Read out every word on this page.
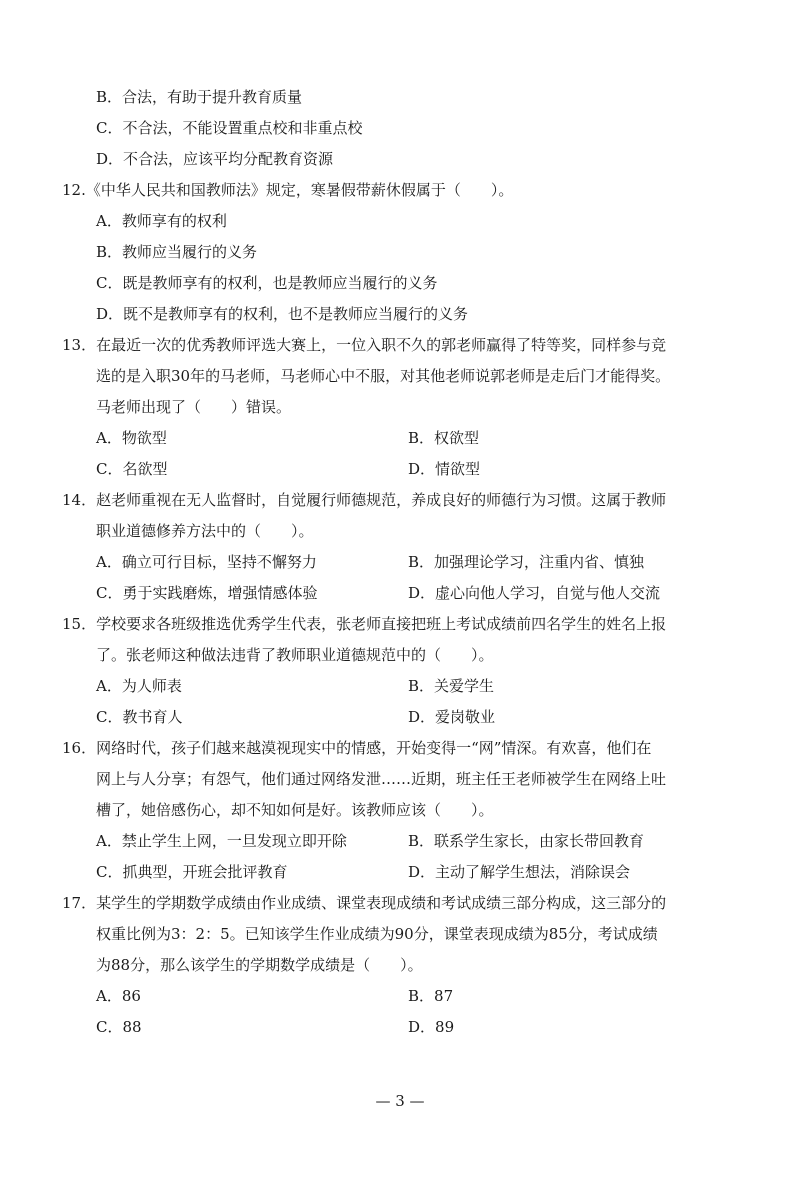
B．合法，有助于提升教育质量
C．不合法，不能设置重点校和非重点校
D．不合法，应该平均分配教育资源
12.《中华人民共和国教师法》规定，寒暑假带薪休假属于（　　）。
A．教师享有的权利
B．教师应当履行的义务
C．既是教师享有的权利，也是教师应当履行的义务
D．既不是教师享有的权利，也不是教师应当履行的义务
13．在最近一次的优秀教师评选大赛上，一位入职不久的郭老师赢得了特等奖，同样参与竞
选的是入职30年的马老师，马老师心中不服，对其他老师说郭老师是走后门才能得奖。
马老师出现了（　　）错误。
A．物欲型	B．权欲型
C．名欲型	D．情欲型
14．赵老师重视在无人监督时，自觉履行师德规范，养成良好的师德行为习惯。这属于教师
职业道德修养方法中的（　　）。
A．确立可行目标，坚持不懈努力	B．加强理论学习，注重内省、慎独
C．勇于实践磨炼，增强情感体验	D．虚心向他人学习，自觉与他人交流
15．学校要求各班级推选优秀学生代表，张老师直接把班上考试成绩前四名学生的姓名上报
了。张老师这种做法违背了教师职业道德规范中的（　　）。
A．为人师表	B．关爱学生
C．教书育人	D．爱岗敬业
16．网络时代，孩子们越来越漠视现实中的情感，开始变得一“网”情深。有欢喜，他们在
网上与人分享；有怨气，他们通过网络发泄……近期，班主任王老师被学生在网络上吐
槽了，她倍感伤心，却不知如何是好。该教师应该（　　）。
A．禁止学生上网，一旦发现立即开除	B．联系学生家长，由家长带回教育
C．抓典型，开班会批评教育	D．主动了解学生想法，消除误会
17．某学生的学期数学成绩由作业成绩、课堂表现成绩和考试成绩三部分构成，这三部分的
权重比例为3：2：5。已知该学生作业成绩为90分，课堂表现成绩为85分，考试成绩
为88分，那么该学生的学期数学成绩是（　　）。
A．86	B．87
C．88	D．89
— 3 —
